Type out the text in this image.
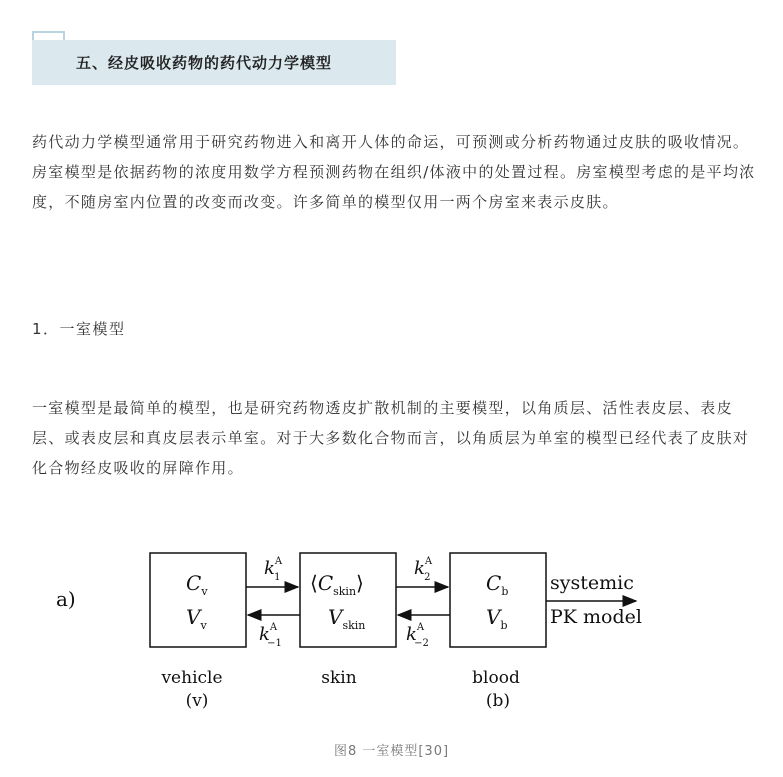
五、经皮吸收药物的药代动力学模型

药代动力学模型通常用于研究药物进入和离开人体的命运，可预测或分析药物通过皮肤的吸收情况。房室模型是依据药物的浓度用数学方程预测药物在组织/体液中的处置过程。房室模型考虑的是平均浓度，不随房室内位置的改变而改变。许多简单的模型仅用一两个房室来表示皮肤。

1．一室模型

一室模型是最简单的模型，也是研究药物透皮扩散机制的主要模型，以角质层、活性表皮层、表皮层、或表皮层和真皮层表示单室。对于大多数化合物而言，以角质层为单室的模型已经代表了皮肤对化合物经皮吸收的屏障作用。

a)
$C_v$
$V_v$
$⟨C_{skin}⟩$
$V_{skin}$
$C_b$
$V_b$
$k^A$ 1
$k^A -1$
$k^A$ 2
$k^A -2$
systemic
PK model
vehicle
(v)
skin	blood
(b)
图8 一室模型[30]
